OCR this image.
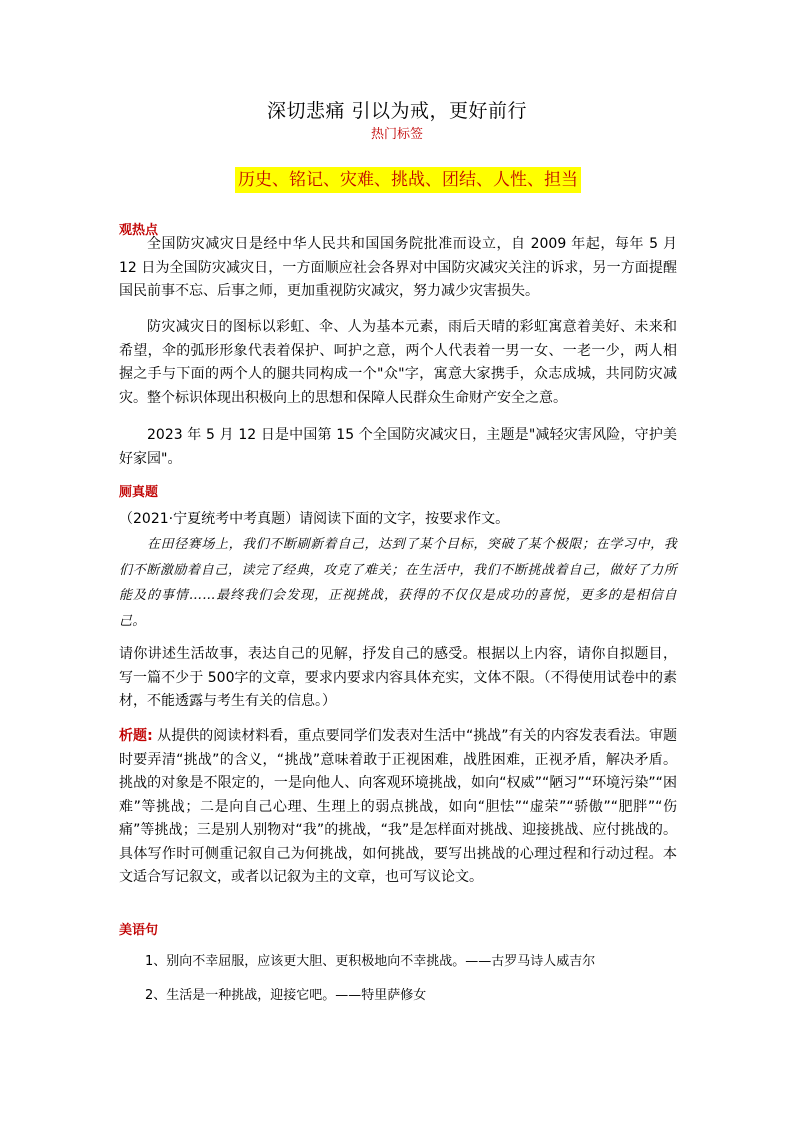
深切悲痛 引以为戒，更好前行
热门标签
历史、铭记、灾难、挑战、团结、人性、担当
观热点
全国防灾减灾日是经中华人民共和国国务院批准而设立，自 2009 年起，每年 5 月 12 日为全国防灾减灾日，一方面顺应社会各界对中国防灾减灾关注的诉求，另一方面提醒国民前事不忘、后事之师，更加重视防灾减灾，努力减少灾害损失。
防灾减灾日的图标以彩虹、伞、人为基本元素，雨后天晴的彩虹寓意着美好、未来和希望，伞的弧形形象代表着保护、呵护之意，两个人代表着一男一女、一老一少，两人相握之手与下面的两个人的腿共同构成一个"众"字，寓意大家携手，众志成城，共同防灾减灾。整个标识体现出积极向上的思想和保障人民群众生命财产安全之意。
2023 年 5 月 12 日是中国第 15 个全国防灾减灾日，主题是"减轻灾害风险，守护美好家园"。
厕真题
（2021·宁夏统考中考真题）请阅读下面的文字，按要求作文。
在田径赛场上，我们不断刷新着自己，达到了某个目标，突破了某个极限；在学习中，我们不断激励着自己，读完了经典，攻克了难关；在生活中，我们不断挑战着自己，做好了力所能及的事情……最终我们会发现，正视挑战，获得的不仅仅是成功的喜悦，更多的是相信自己。
请你讲述生活故事，表达自己的见解，抒发自己的感受。根据以上内容，请你自拟题目，写一篇不少于 500字的文章，要求内要求内容具体充实，文体不限。（不得使用试卷中的素材，不能透露与考生有关的信息。）
析题: 从提供的阅读材料看，重点要同学们发表对生活中“挑战”有关的内容发表看法。审题时要弄清“挑战”的含义，“挑战”意味着敢于正视困难，战胜困难，正视矛盾，解决矛盾。挑战的对象是不限定的，一是向他人、向客观环境挑战，如向“权威”“陋习”“环境污染”“困难”等挑战；二是向自己心理、生理上的弱点挑战，如向“胆怯”“虚荣”“骄傲”“肥胖”“伤痛”等挑战；三是别人别物对“我”的挑战，“我”是怎样面对挑战、迎接挑战、应付挑战的。具体写作时可侧重记叙自己为何挑战，如何挑战，要写出挑战的心理过程和行动过程。本文适合写记叙文，或者以记叙为主的文章，也可写议论文。
美语句
1、别向不幸屈服，应该更大胆、更积极地向不幸挑战。——古罗马诗人威吉尔
2、生活是一种挑战，迎接它吧。——特里萨修女
